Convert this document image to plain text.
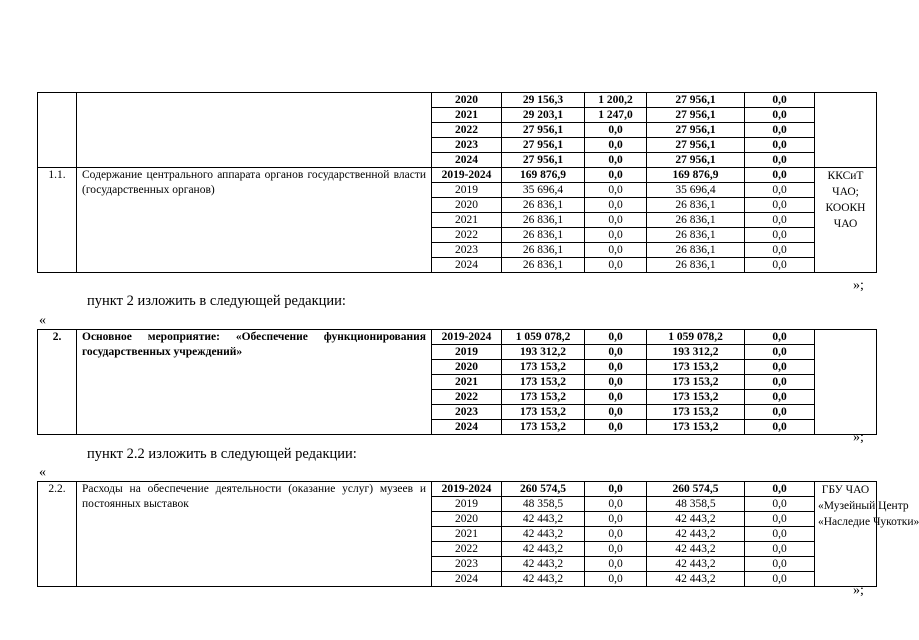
		2020	29 156,3	1 200,2	27 956,1	0,0	
		2021	29 203,1	1 247,0	27 956,1	0,0	
		2022	27 956,1	0,0	27 956,1	0,0	
		2023	27 956,1	0,0	27 956,1	0,0	
		2024	27 956,1	0,0	27 956,1	0,0	
1.1.	Содержание центрального аппарата органов государственной власти (государственных органов)	2019-2024	169 876,9	0,0	169 876,9	0,0	ККСиТ ЧАО;
КООКН ЧАО

		2019	35 696,4	0,0	35 696,4	0,0	
		2020	26 836,1	0,0	26 836,1	0,0	
		2021	26 836,1	0,0	26 836,1	0,0	
		2022	26 836,1	0,0	26 836,1	0,0	
		2023	26 836,1	0,0	26 836,1	0,0	
		2024	26 836,1	0,0	26 836,1	0,0	
»;
пункт 2 изложить в следующей редакции:
«
2.	Основное мероприятие: «Обеспечение функционирования государственных учреждений»	2019-2024	1 059 078,2	0,0	1 059 078,2	0,0	
		2019	193 312,2	0,0	193 312,2	0,0	
		2020	173 153,2	0,0	173 153,2	0,0	
		2021	173 153,2	0,0	173 153,2	0,0	
		2022	173 153,2	0,0	173 153,2	0,0	
		2023	173 153,2	0,0	173 153,2	0,0	
		2024	173 153,2	0,0	173 153,2	0,0	
»;
пункт 2.2 изложить в следующей редакции:
«
2.2.	Расходы на обеспечение деятельности (оказание услуг) музеев и постоянных выставок	2019-2024	260 574,5	0,0	260 574,5	0,0	ГБУ ЧАО
«Музейный Центр
«Наследие Чукотки»

		2019	48 358,5	0,0	48 358,5	0,0	
		2020	42 443,2	0,0	42 443,2	0,0	
		2021	42 443,2	0,0	42 443,2	0,0	
		2022	42 443,2	0,0	42 443,2	0,0	
		2023	42 443,2	0,0	42 443,2	0,0	
		2024	42 443,2	0,0	42 443,2	0,0	
»;
